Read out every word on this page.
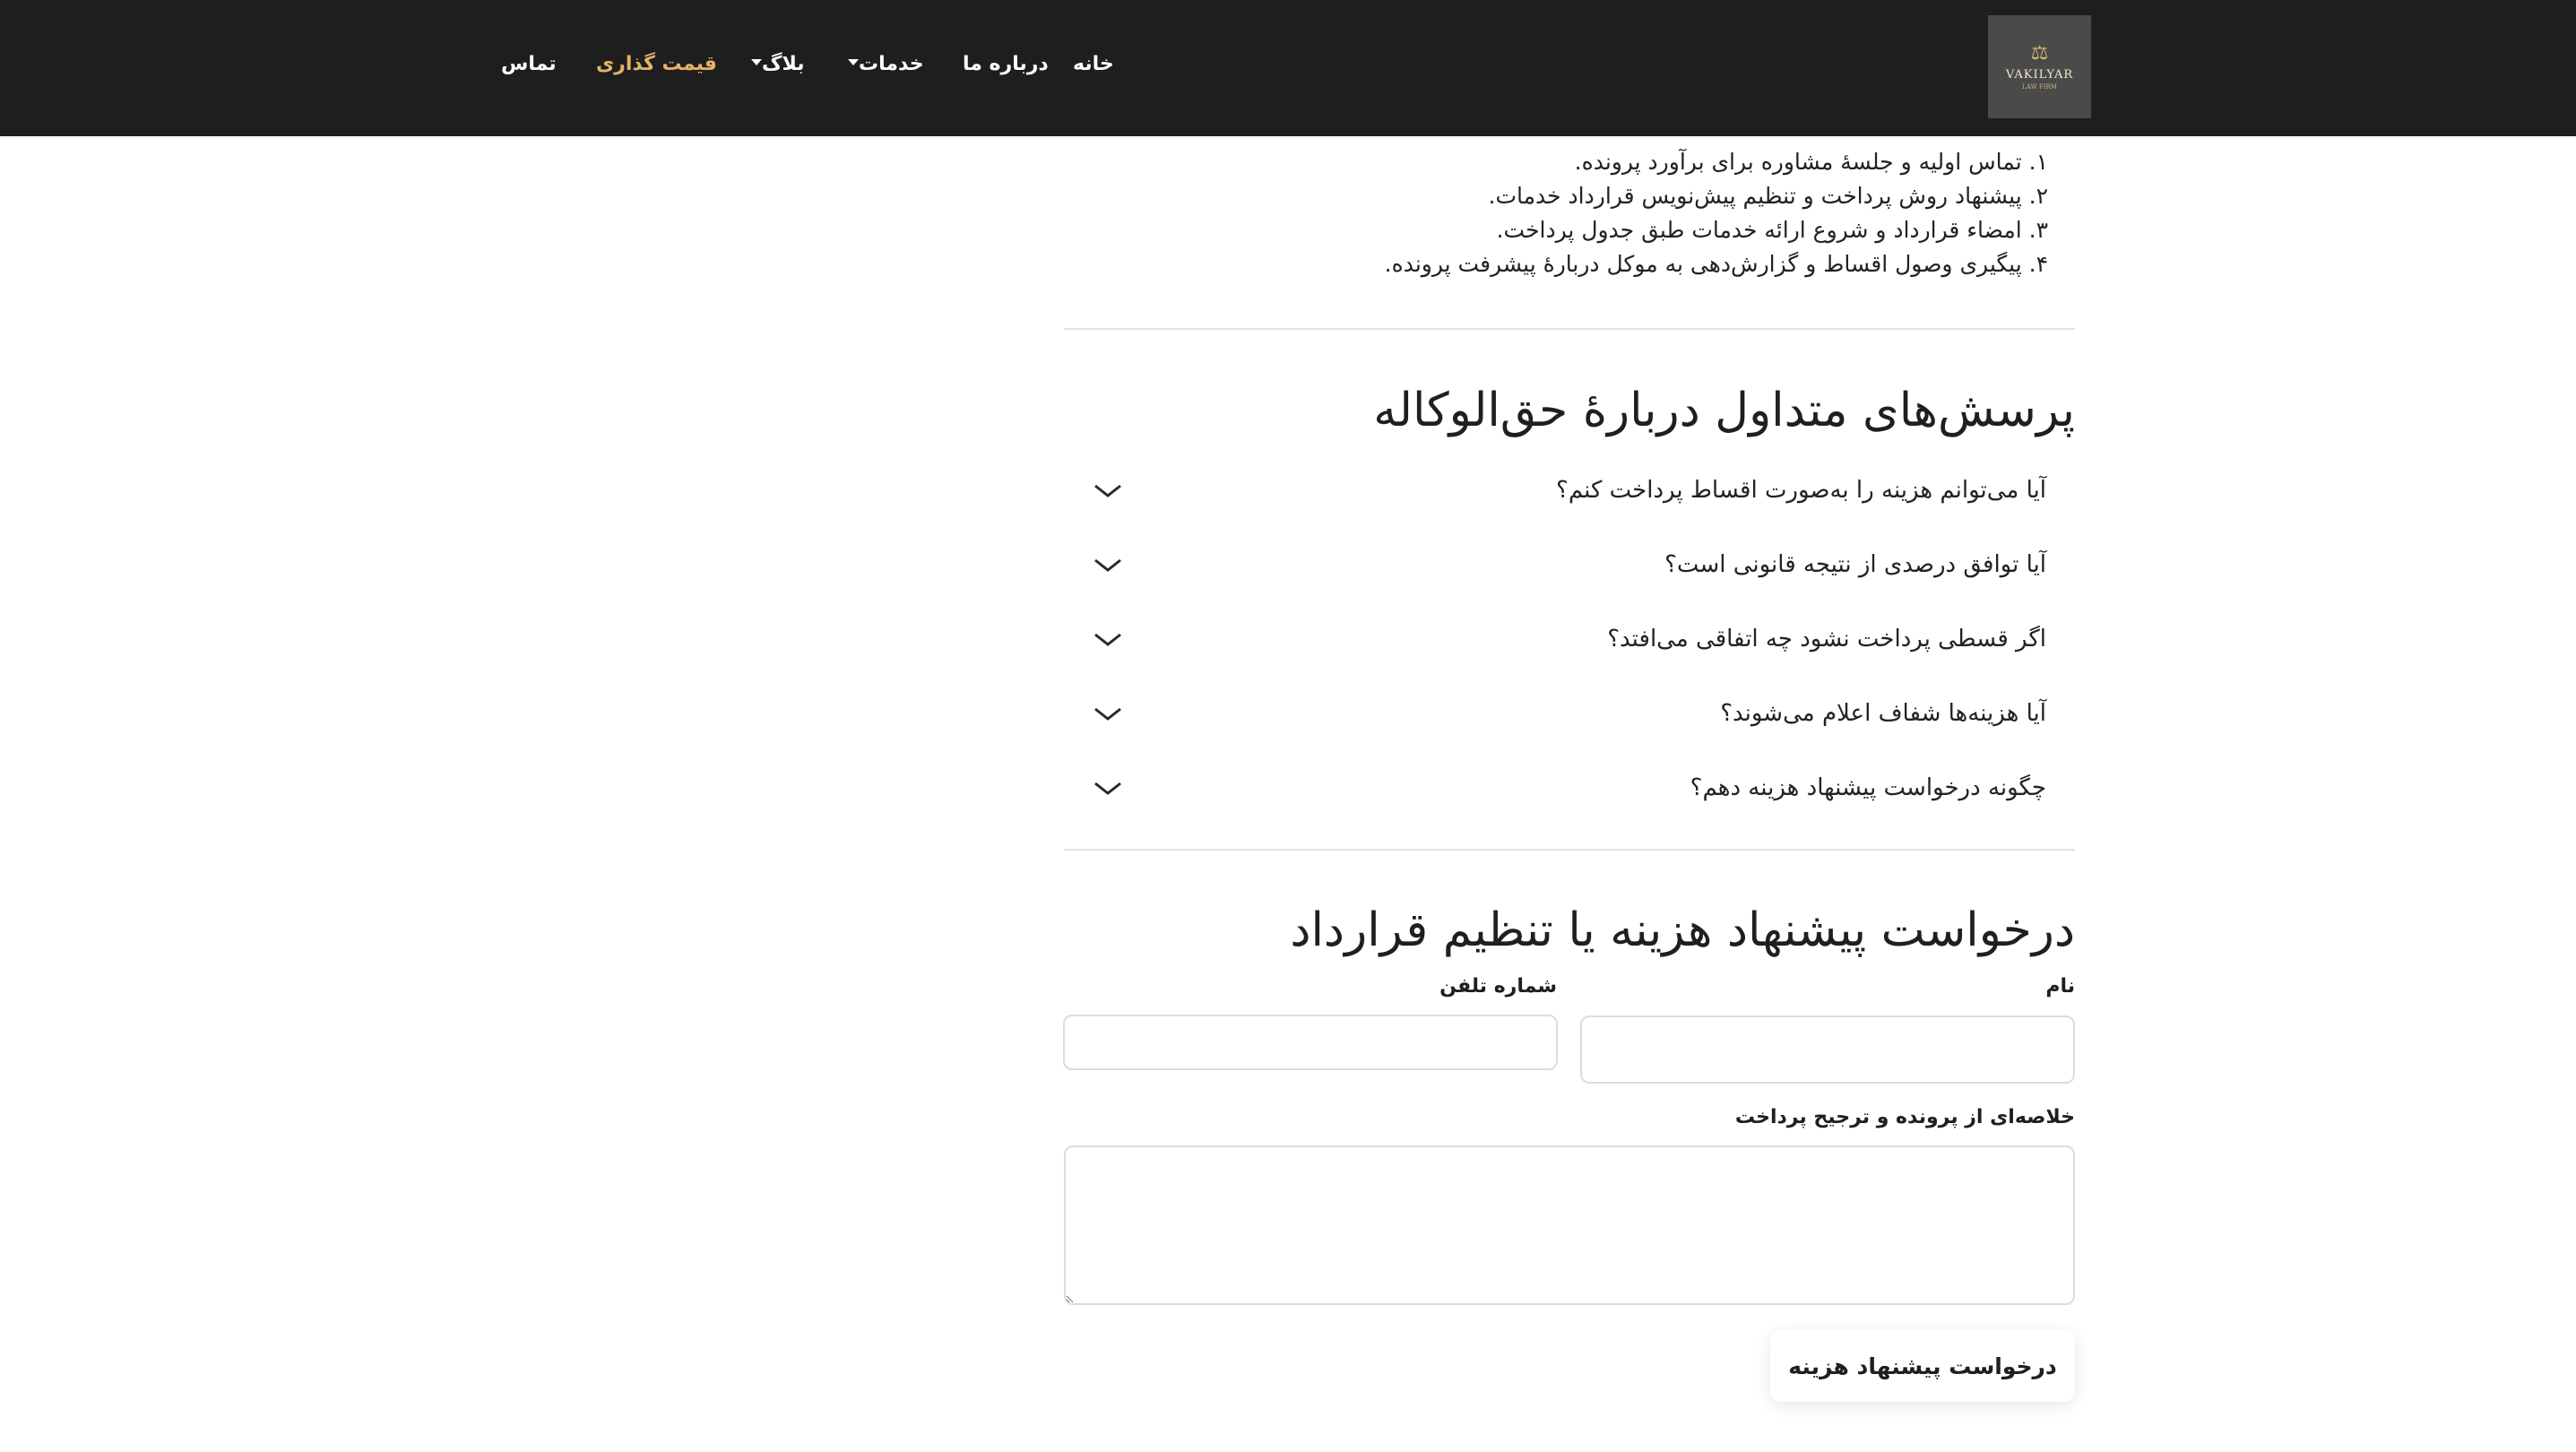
⚖
VAKILYAR
LAW FIRM
خانه
درباره ما
خدمات
بلاگ
قیمت گذاری
تماس
۱. تماس اولیه و جلسهٔ مشاوره برای برآورد پرونده.
۲. پیشنهاد روش پرداخت و تنظیم پیش‌نویس قرارداد خدمات.
۳. امضاء قرارداد و شروع ارائه خدمات طبق جدول پرداخت.
۴. پیگیری وصول اقساط و گزارش‌دهی به موکل دربارهٔ پیشرفت پرونده.
پرسش‌های متداول دربارهٔ حق‌الوکاله
آیا می‌توانم هزینه را به‌صورت اقساط پرداخت کنم؟
آیا توافق درصدی از نتیجه قانونی است؟
اگر قسطی پرداخت نشود چه اتفاقی می‌افتد؟
آیا هزینه‌ها شفاف اعلام می‌شوند؟
چگونه درخواست پیشنهاد هزینه دهم؟
درخواست پیشنهاد هزینه یا تنظیم قرارداد
نام
شماره تلفن
خلاصه‌ای از پرونده و ترجیح پرداخت
درخواست پیشنهاد هزینه
